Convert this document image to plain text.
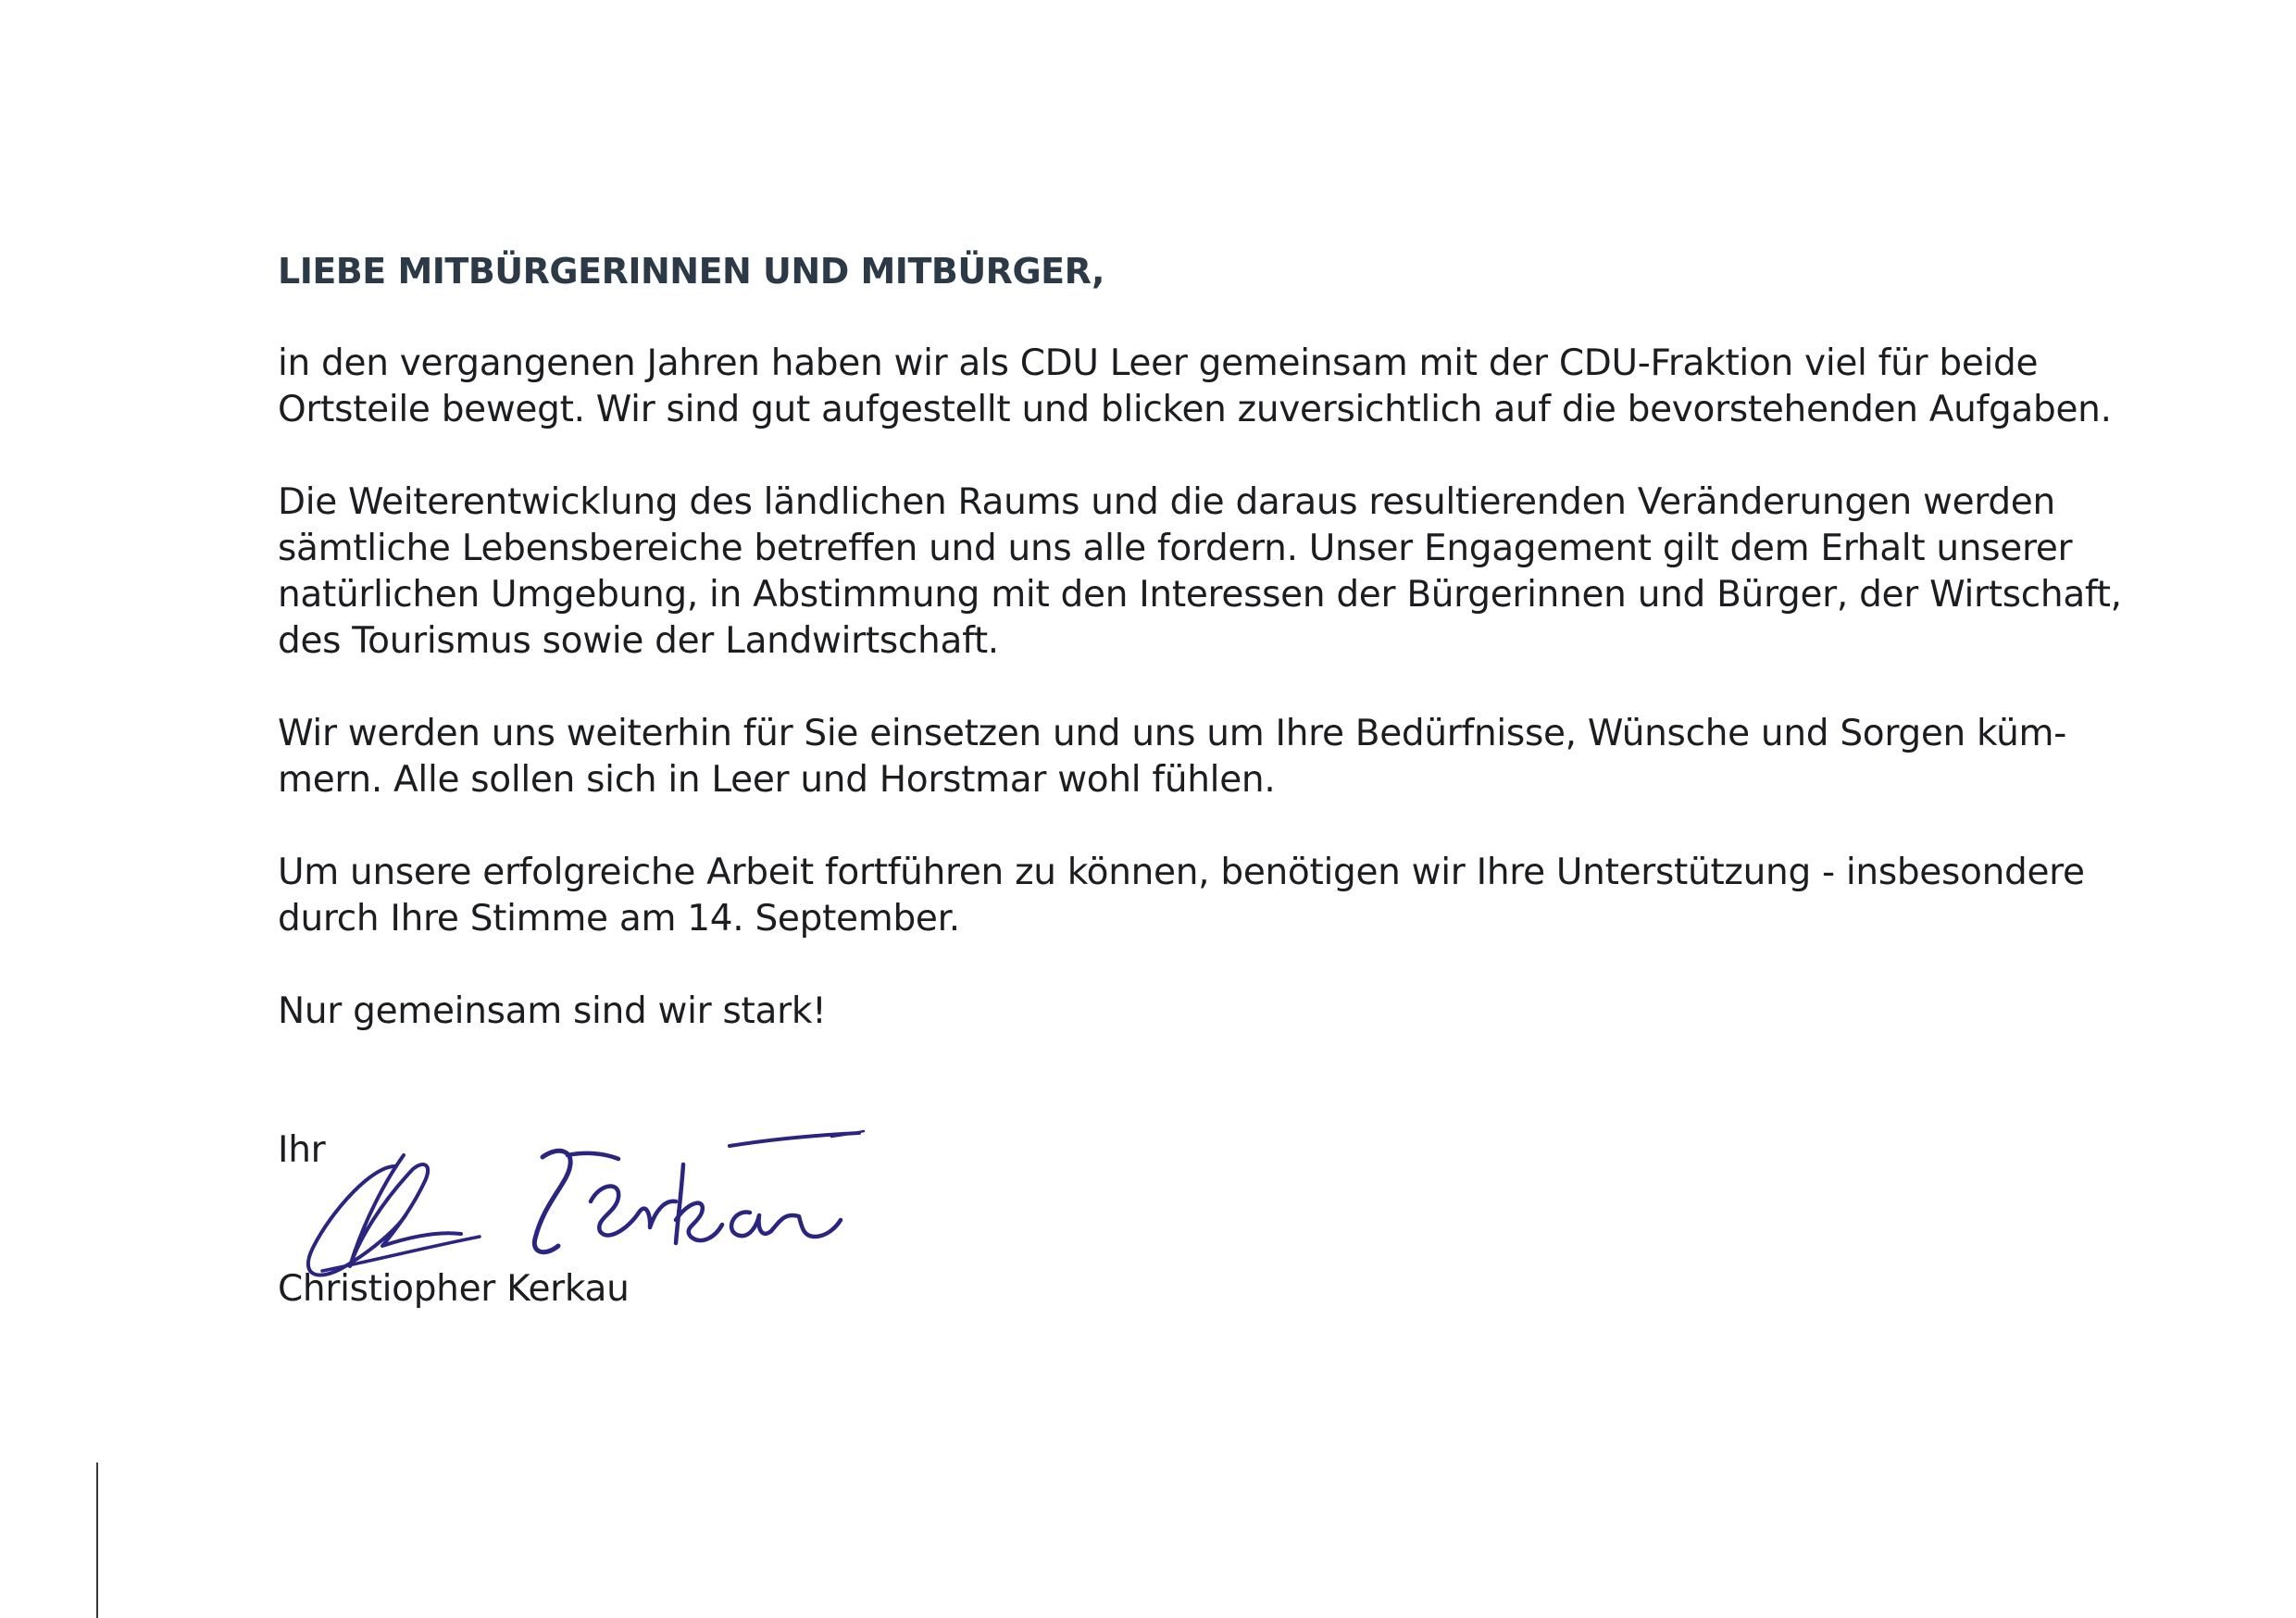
LIEBE MITBÜRGERINNEN UND MITBÜRGER,

in den vergangenen Jahren haben wir als CDU Leer gemeinsam mit der CDU-Fraktion viel für beide
Ortsteile bewegt. Wir sind gut aufgestellt und blicken zuversichtlich auf die bevorstehenden Aufgaben.

Die Weiterentwicklung des ländlichen Raums und die daraus resultierenden Veränderungen werden
sämtliche Lebensbereiche betreffen und uns alle fordern. Unser Engagement gilt dem Erhalt unserer
natürlichen Umgebung, in Abstimmung mit den Interessen der Bürgerinnen und Bürger, der Wirtschaft,
des Tourismus sowie der Landwirtschaft.

Wir werden uns weiterhin für Sie einsetzen und uns um Ihre Bedürfnisse, Wünsche und Sorgen küm-
mern. Alle sollen sich in Leer und Horstmar wohl fühlen.

Um unsere erfolgreiche Arbeit fortführen zu können, benötigen wir Ihre Unterstützung - insbesondere
durch Ihre Stimme am 14. September.

Nur gemeinsam sind wir stark!

Ihr

Christiopher Kerkau
